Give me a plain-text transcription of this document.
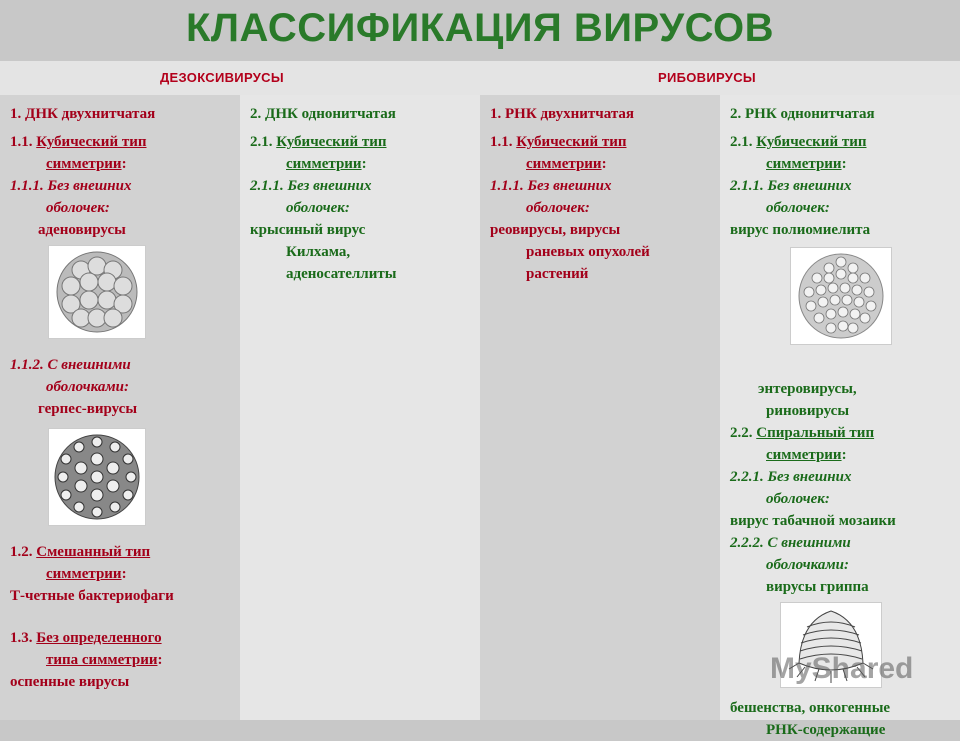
КЛАССИФИКАЦИЯ ВИРУСОВ
ДЕЗОКСИВИРУСЫ	РИБОВИРУСЫ
1. ДНК двухнитчатая
1.1. Кубический тип
симметрии:
1.1.1. Без внешних
оболочек:
аденовирусы
1.1.2. С внешними
оболочками:
герпес-вирусы
1.2. Смешанный тип
симметрии:
Т-четные бактериофаги
1.3. Без определенного
типа симметрии:
оспенные вирусы
2. ДНК однонитчатая
2.1. Кубический тип
симметрии:
2.1.1. Без внешних
оболочек:
крысиный вирус
Килхама,
аденосателлиты
1. РНК двухнитчатая
1.1. Кубический тип
симметрии:
1.1.1. Без внешних
оболочек:
реовирусы, вирусы
раневых опухолей
растений
2. РНК однонитчатая
2.1. Кубический тип
симметрии:
2.1.1. Без внешних
оболочек:
вирус полиомиелита
энтеровирусы,
риновирусы
2.2. Спиральный тип
симметрии:
2.2.1. Без внешних
оболочек:
вирус табачной мозаики
2.2.2. С внешними
оболочками:
вирусы гриппа
бешенства, онкогенные
РНК-содержащие
MyShared
